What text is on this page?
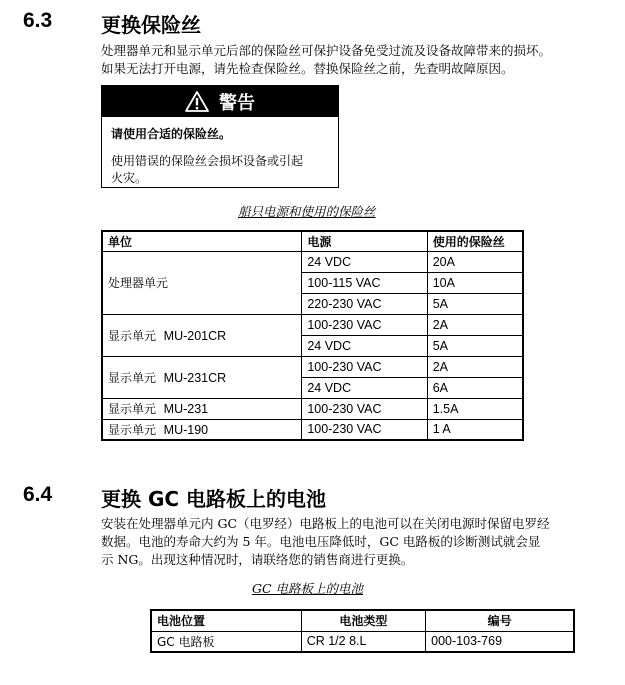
6.3 更换保险丝
处理器单元和显示单元后部的保险丝可保护设备免受过流及设备故障带来的损坏。
如果无法打开电源，请先检查保险丝。替换保险丝之前，先查明故障原因。
警告
请使用合适的保险丝。
使用错误的保险丝会损坏设备或引起
火灾。
船只电源和使用的保险丝
单位	电源	使用的保险丝
处理器单元	24 VDC	20A
	100-115 VAC	10A
	220-230 VAC	5A
显示单元 MU-201CR	100-230 VAC	2A
	24 VDC	5A
显示单元 MU-231CR	100-230 VAC	2A
	24 VDC	6A
显示单元 MU-231	100-230 VAC	1.5A
显示单元 MU-190	100-230 VAC	1 A
6.4 更换 GC 电路板上的电池
安装在处理器单元内 GC（电罗经）电路板上的电池可以在关闭电源时保留电罗经
数据。电池的寿命大约为 5 年。电池电压降低时，GC 电路板的诊断测试就会显
示 NG。出现这种情况时，请联络您的销售商进行更换。
GC 电路板上的电池
电池位置	电池类型	编号
GC 电路板	CR 1/2 8.L	000-103-769
